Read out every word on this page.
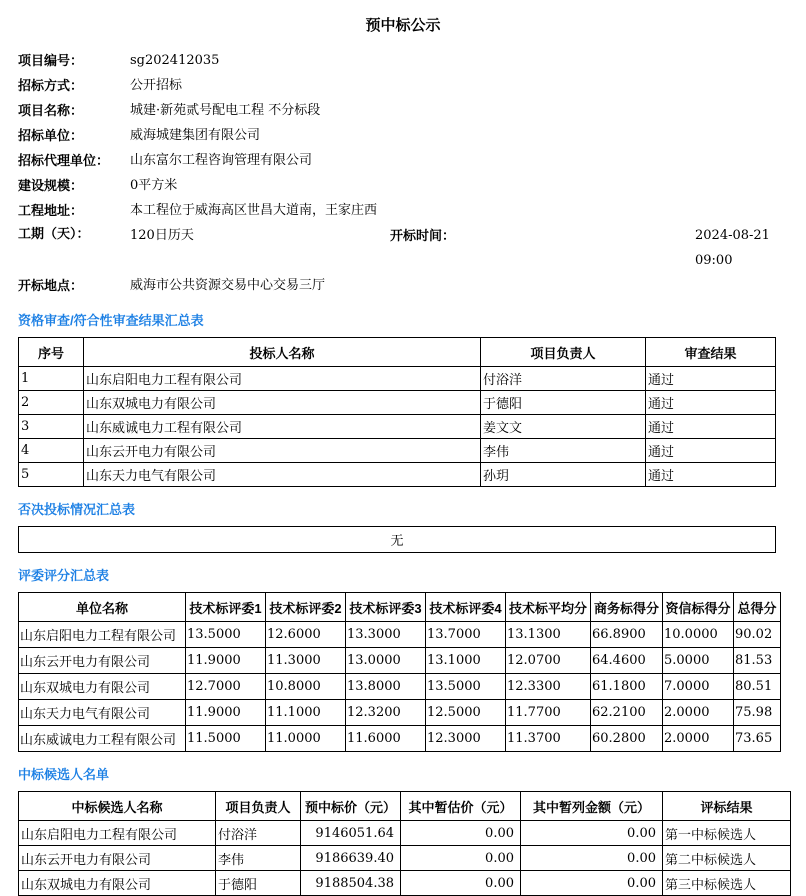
预中标公示
项目编号：	sg202412035
招标方式：	公开招标
项目名称：	城建·新苑贰号配电工程 不分标段
招标单位：	威海城建集团有限公司
招标代理单位：	山东富尔工程咨询管理有限公司
建设规模：	0平方米
工程地址：	本工程位于威海高区世昌大道南，王家庄西
工期（天）：	120日历天	开标时间：	2024-08-21
09:00
开标地点：	威海市公共资源交易中心交易三厅
资格审查/符合性审查结果汇总表
序号	投标人名称	项目负责人	审查结果
1	山东启阳电力工程有限公司	付浴洋	通过
2	山东双城电力有限公司	于德阳	通过
3	山东威诚电力工程有限公司	姜文文	通过
4	山东云开电力有限公司	李伟	通过
5	山东天力电气有限公司	孙玥	通过
否决投标情况汇总表
无
评委评分汇总表
单位名称	技术标评委1	技术标评委2	技术标评委3	技术标评委4	技术标平均分	商务标得分	资信标得分	总得分
山东启阳电力工程有限公司	13.5000	12.6000	13.3000	13.7000	13.1300	66.8900	10.0000	90.02
山东云开电力有限公司	11.9000	11.3000	13.0000	13.1000	12.0700	64.4600	5.0000	81.53
山东双城电力有限公司	12.7000	10.8000	13.8000	13.5000	12.3300	61.1800	7.0000	80.51
山东天力电气有限公司	11.9000	11.1000	12.3200	12.5000	11.7700	62.2100	2.0000	75.98
山东威诚电力工程有限公司	11.5000	11.0000	11.6000	12.3000	11.3700	60.2800	2.0000	73.65
中标候选人名单
中标候选人名称	项目负责人	预中标价（元）	其中暂估价（元）	其中暂列金额（元）	评标结果
山东启阳电力工程有限公司	付浴洋	9146051.64	0.00	0.00	第一中标候选人
山东云开电力有限公司	李伟	9186639.40	0.00	0.00	第二中标候选人
山东双城电力有限公司	于德阳	9188504.38	0.00	0.00	第三中标候选人
